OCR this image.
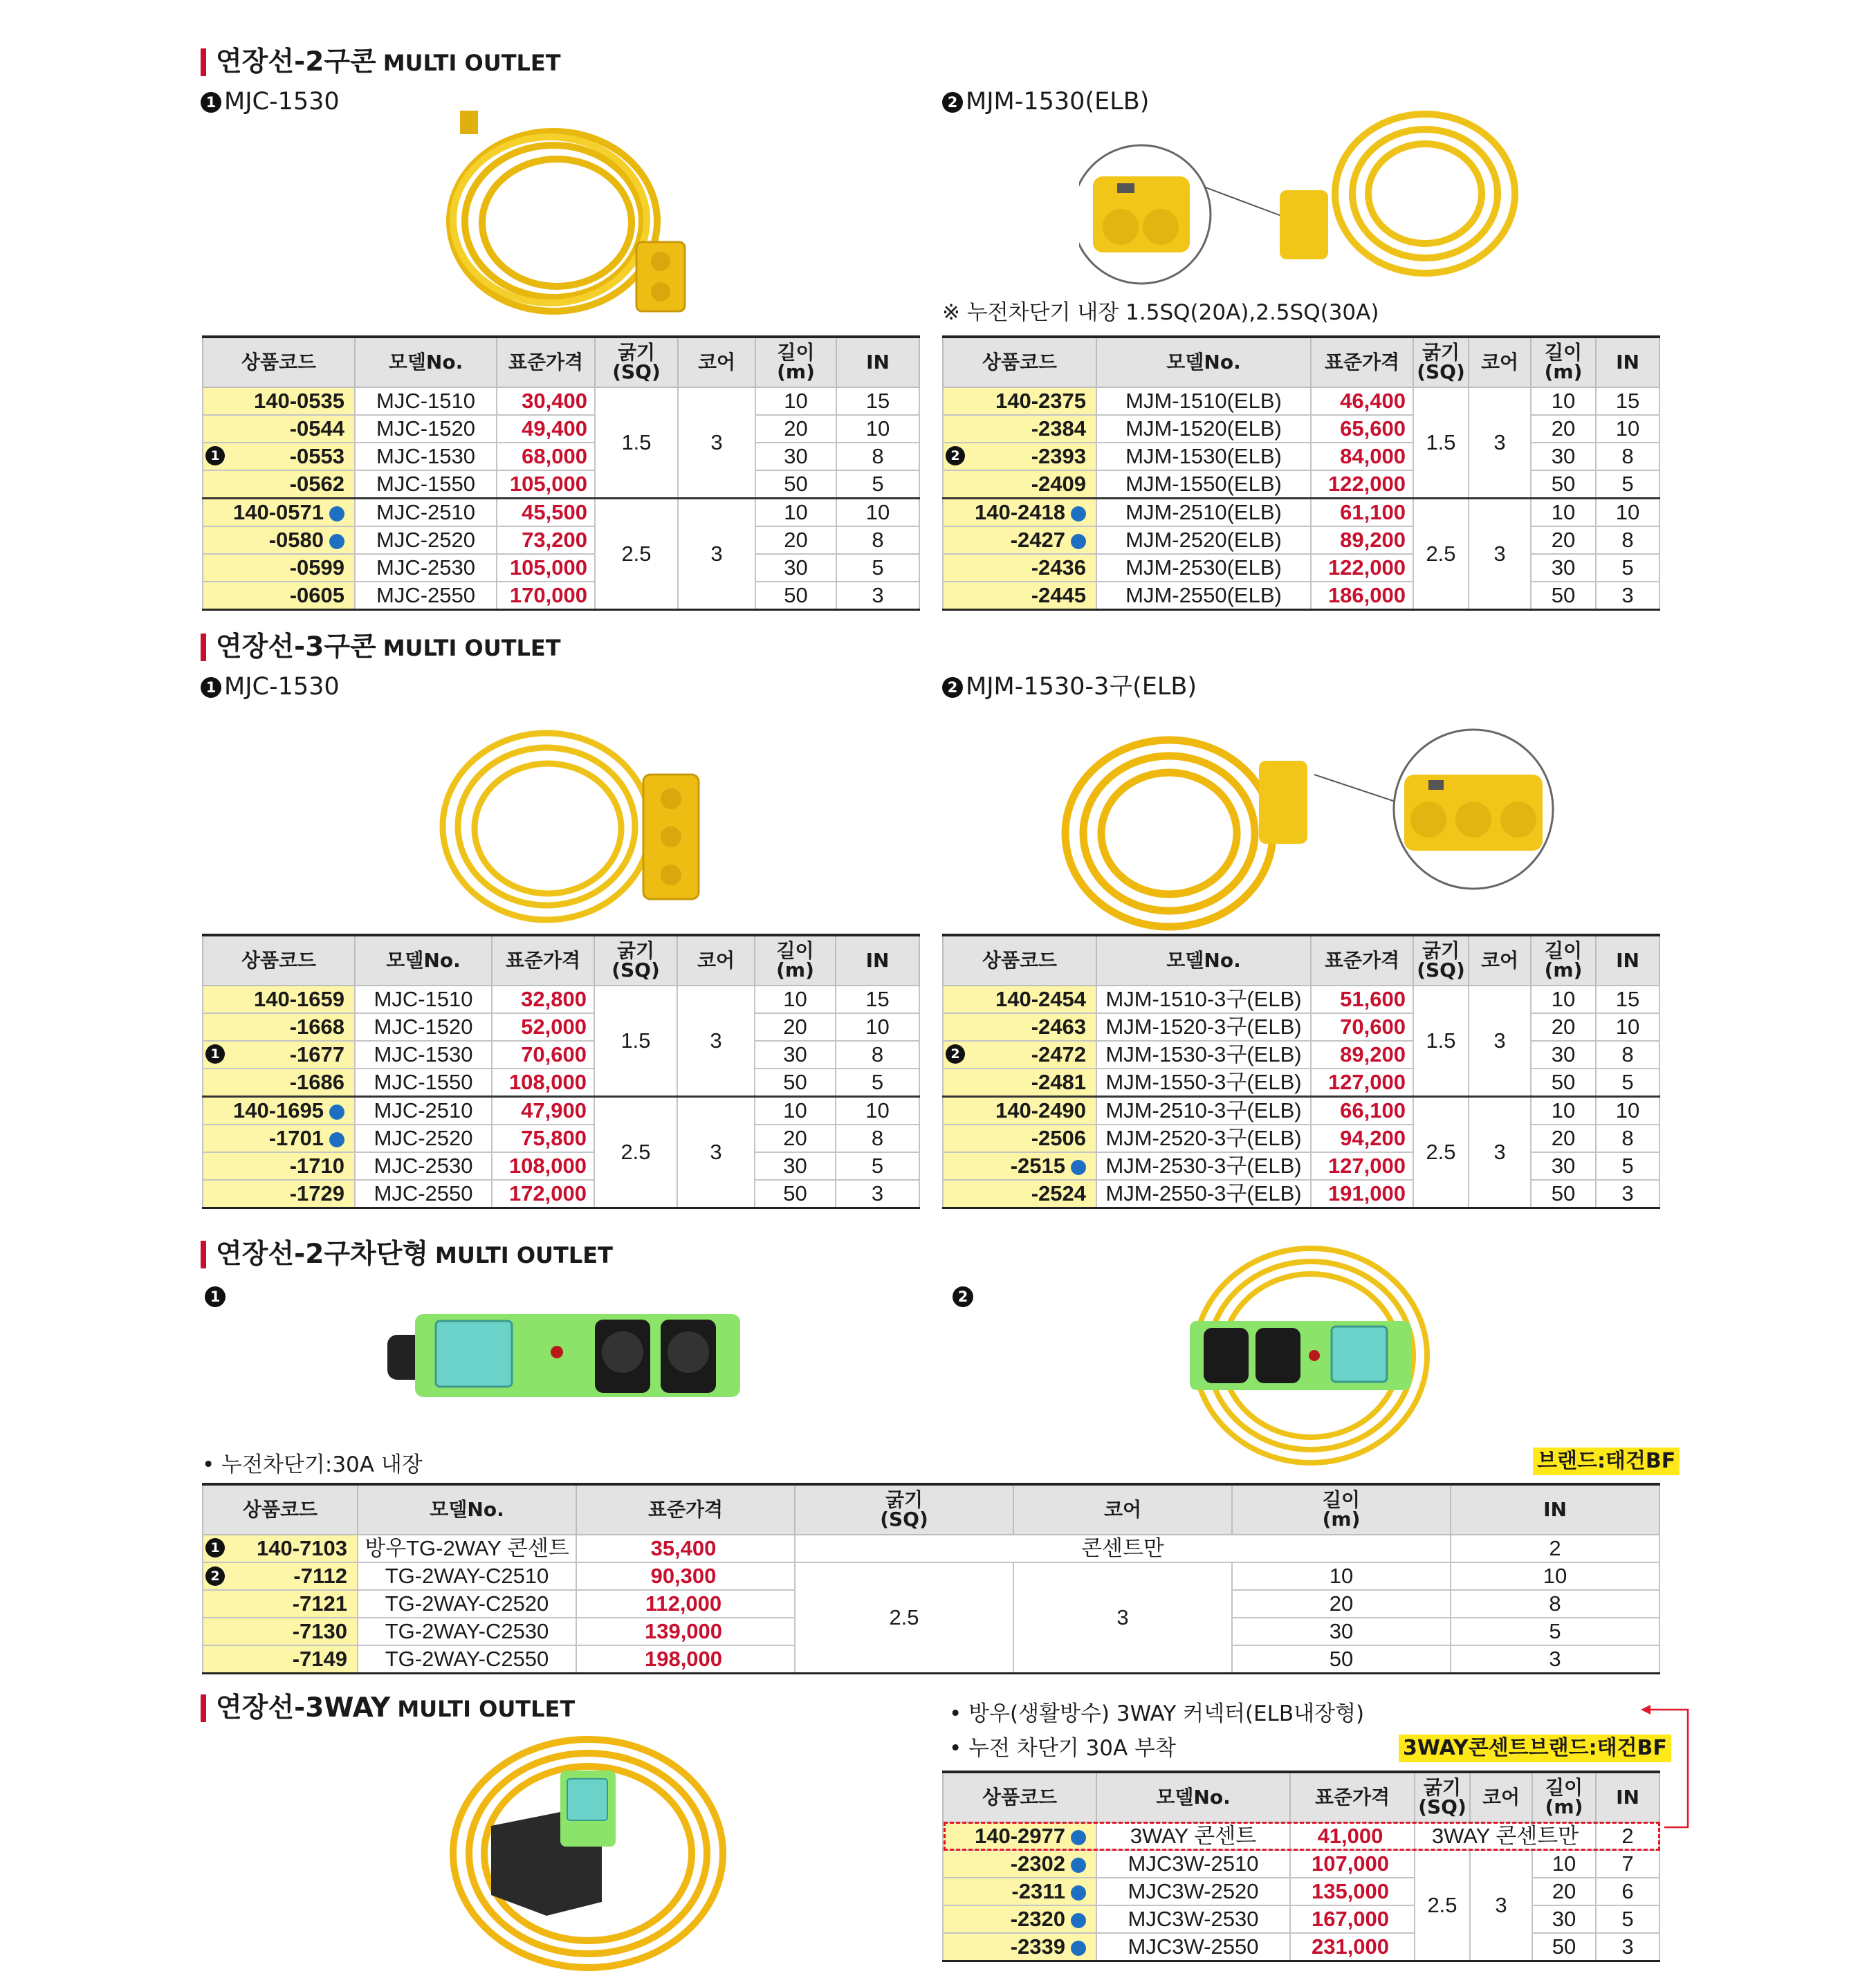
연장선-2구콘 MULTI OUTLET
1 MJC-1530	2 MJM-1530(ELB)
※ 누전차단기 내장 1.5SQ(20A),2.5SQ(30A)
상품코드	모델No.	표준가격	굵기
(SQ)	코어	길이
(m)	IN
140-0535	MJC-1510	30,400	1.5	3	10	15
-0544	MJC-1520	49,400			20	10
-0553	MJC-1530	68,000			30	8
-0562	MJC-1550	105,000			50	5
140-0571	MJC-2510	45,500	2.5	3	10	10
-0580	MJC-2520	73,200			20	8
-0599	MJC-2530	105,000			30	5
-0605	MJC-2550	170,000			50	3
1
상품코드	모델No.	표준가격	굵기
(SQ)	코어	길이
(m)	IN
140-2375	MJM-1510(ELB)	46,400	1.5	3	10	15
-2384	MJM-1520(ELB)	65,600			20	10
-2393	MJM-1530(ELB)	84,000			30	8
-2409	MJM-1550(ELB)	122,000			50	5
140-2418	MJM-2510(ELB)	61,100	2.5	3	10	10
-2427	MJM-2520(ELB)	89,200			20	8
-2436	MJM-2530(ELB)	122,000			30	5
-2445	MJM-2550(ELB)	186,000			50	3
2
연장선-3구콘 MULTI OUTLET
1 MJC-1530	2 MJM-1530-3구(ELB)
상품코드	모델No.	표준가격	굵기
(SQ)	코어	길이
(m)	IN
140-1659	MJC-1510	32,800	1.5	3	10	15
-1668	MJC-1520	52,000			20	10
-1677	MJC-1530	70,600			30	8
-1686	MJC-1550	108,000			50	5
140-1695	MJC-2510	47,900	2.5	3	10	10
-1701	MJC-2520	75,800			20	8
-1710	MJC-2530	108,000			30	5
-1729	MJC-2550	172,000			50	3
1
상품코드	모델No.	표준가격	굵기
(SQ)	코어	길이
(m)	IN
140-2454	MJM-1510-3구(ELB)	51,600	1.5	3	10	15
-2463	MJM-1520-3구(ELB)	70,600			20	10
-2472	MJM-1530-3구(ELB)	89,200			30	8
-2481	MJM-1550-3구(ELB)	127,000			50	5
140-2490	MJM-2510-3구(ELB)	66,100	2.5	3	10	10
-2506	MJM-2520-3구(ELB)	94,200			20	8
-2515	MJM-2530-3구(ELB)	127,000			30	5
-2524	MJM-2550-3구(ELB)	191,000			50	3
2
연장선-2구차단형 MULTI OUTLET
1	2
• 누전차단기:30A 내장	브랜드:태건BF
상품코드	모델No.	표준가격	굵기
(SQ)	코어	길이
(m)	IN
140-7103	방우TG-2WAY 콘센트	35,400	콘센트만			2
-7112	TG-2WAY-C2510	90,300	2.5	3	10	10
-7121	TG-2WAY-C2520	112,000			20	8
-7130	TG-2WAY-C2530	139,000			30	5
-7149	TG-2WAY-C2550	198,000			50	3
1
2
연장선-3WAY MULTI OUTLET	• 방우(생활방수) 3WAY 커넥터(ELB내장형)
• 누전 차단기 30A 부착	3WAY콘센트브랜드:태건BF
상품코드	모델No.	표준가격	굵기
(SQ)	코어	길이
(m)	IN
140-2977	3WAY 콘센트	41,000	3WAY 콘센트만			2
-2302	MJC3W-2510	107,000	2.5	3	10	7
-2311	MJC3W-2520	135,000			20	6
-2320	MJC3W-2530	167,000			30	5
-2339	MJC3W-2550	231,000			50	3
